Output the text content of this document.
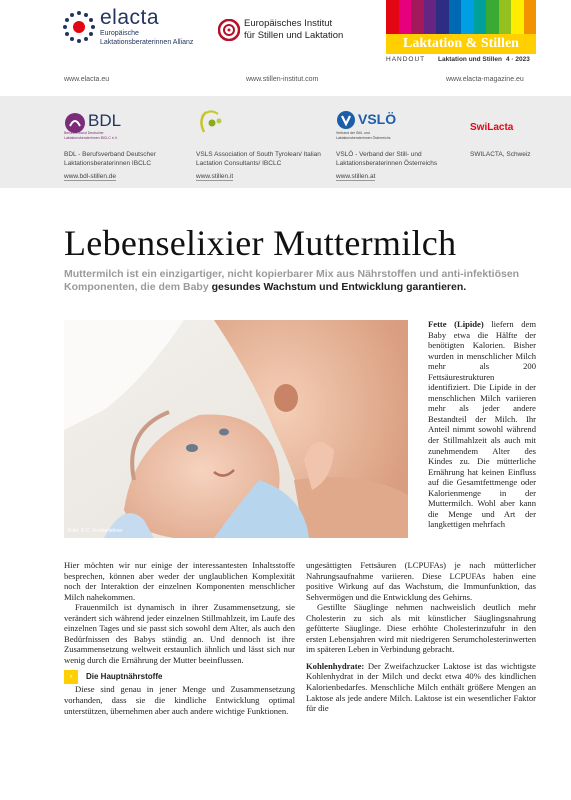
elacta
Europäische Laktationsberaterinnen Allianz
www.elacta.eu
Europäisches Institut
für Stillen und Laktation
www.stillen-institut.com
Laktation & Stillen
HANDOUT Laktation und Stillen 4 · 2023
www.elacta-magazine.eu
BDL
Berufsverband Deutscher Laktationsberaterinnen IBCLC e.V.
BDL - Berufsverband Deutscher Laktationsberaterinnen IBCLC
www.bdl-stillen.de
VSLS Association of South Tyrolean/ Italian Lactation Consultants/ IBCLC
www.stillen.it
VSLÖ
Verband der Still- und Laktationsberaterinnen Österreichs
VSLÖ - Verband der Still- und Laktationsberaterinnen Österreichs
www.stillen.at
SwiLacta
SWILACTA, Schweiz
Lebenselixier Muttermilch
Muttermilch ist ein einzigartiger, nicht kopierbarer Mix aus Nährstoffen und anti-infektiösen Komponenten, die dem Baby gesundes Wachstum und Entwicklung garantieren.
Foto: © C. Fischerlehner

Fette (Lipide) liefern dem Baby etwa die Hälfte der benötigten Kalorien. Bisher wurden in menschlicher Milch mehr als 200 Fettsäurestrukturen identifiziert. Die Lipide in der menschlichen Milch variieren mehr als jeder andere Bestandteil der Milch. Ihr Anteil nimmt sowohl während der Stillmahlzeit als auch mit zunehmendem Alter des Kindes zu. Die mütterliche Ernährung hat keinen Einfluss auf die Gesamtfettmenge oder Kalorienmenge in der Muttermilch. Wohl aber kann die Menge und Art der langkettigen mehrfach

Hier möchten wir nur einige der interessantesten Inhaltsstoffe besprechen, können aber weder der unglaublichen Komplexität noch der Interaktion der einzelnen Komponenten menschlicher Milch nahekommen.

Frauenmilch ist dynamisch in ihrer Zusammensetzung, sie verändert sich während jeder einzelnen Stillmahlzeit, im Laufe des einzelnen Tages und sie passt sich sowohl dem Alter, als auch den Bedürfnissen des Babys ständig an. Und dennoch ist ihre Zusammensetzung weltweit erstaunlich ähnlich und lässt sich nur wenig durch die Ernährung der Mutter beeinflussen.

›	Die Hauptnährstoffe

Diese sind genau in jener Menge und Zusammensetzung vorhanden, dass sie die kindliche Entwicklung optimal unterstützen, übernehmen aber auch andere wichtige Funktionen.

ungesättigten Fettsäuren (LCPUFAs) je nach mütterlicher Nahrungsaufnahme variieren. Diese LCPUFAs haben eine positive Wirkung auf das Wachstum, die Immunfunktion, das Sehvermögen und die Entwicklung des Gehirns.

Gestillte Säuglinge nehmen nachweislich deutlich mehr Cholesterin zu sich als mit künstlicher Säuglingsnahrung gefütterte Säuglinge. Diese erhöhte Cholesterinzufuhr in den ersten Lebensjahren wird mit niedrigeren Serumcholesterinwerten im späteren Leben in Verbindung gebracht.

Kohlenhydrate: Der Zweifachzucker Laktose ist das wichtigste Kohlenhydrat in der Milch und deckt etwa 40% des kindlichen Kalorienbedarfes. Menschliche Milch enthält größere Mengen an Laktose als jede andere Milch. Laktose ist ein wesentlicher Faktor für die
